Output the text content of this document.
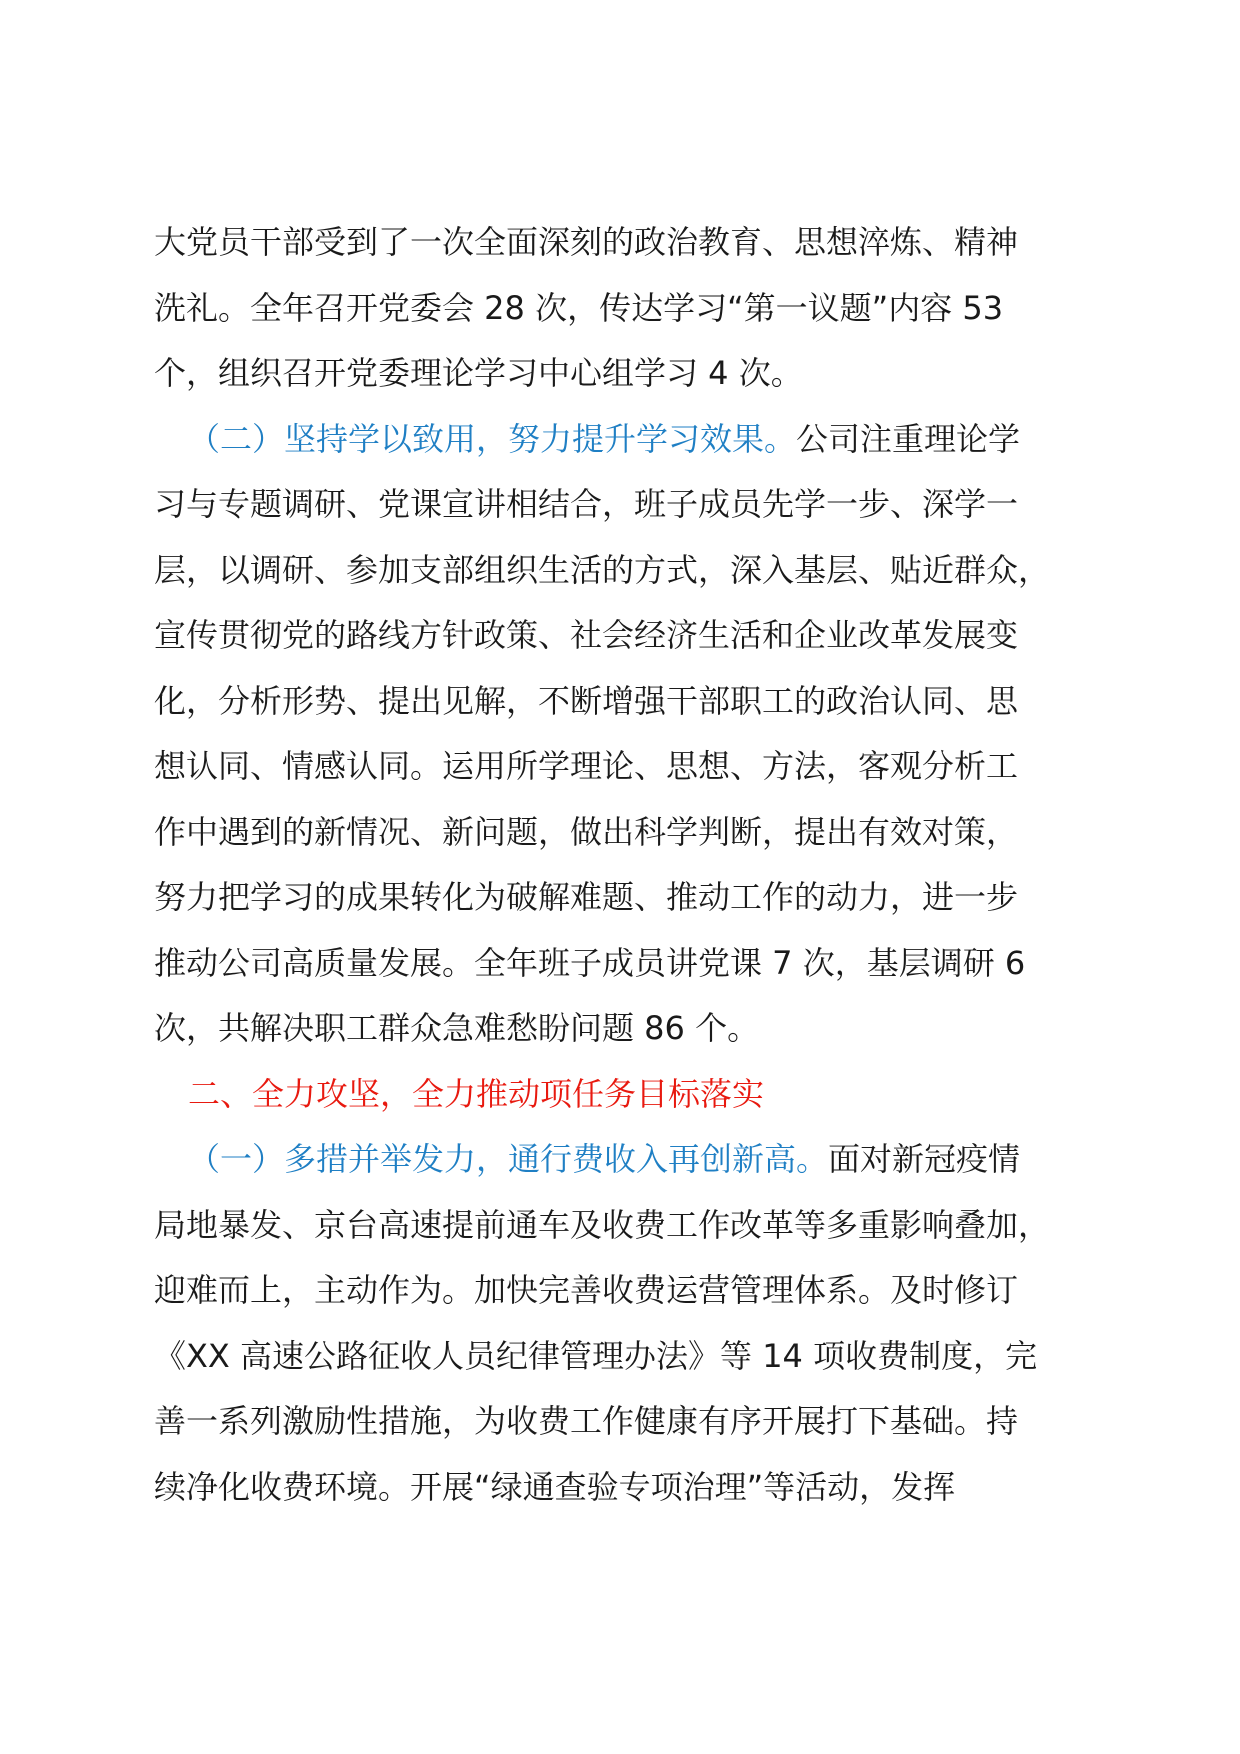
大党员干部受到了一次全面深刻的政治教育、思想淬炼、精神
洗礼。全年召开党委会 28 次，传达学习“第一议题”内容 53
个，组织召开党委理论学习中心组学习 4 次。
（二）坚持学以致用，努力提升学习效果。公司注重理论学
习与专题调研、党课宣讲相结合，班子成员先学一步、深学一
层，以调研、参加支部组织生活的方式，深入基层、贴近群众，
宣传贯彻党的路线方针政策、社会经济生活和企业改革发展变
化，分析形势、提出见解，不断增强干部职工的政治认同、思
想认同、情感认同。运用所学理论、思想、方法，客观分析工
作中遇到的新情况、新问题，做出科学判断，提出有效对策，
努力把学习的成果转化为破解难题、推动工作的动力，进一步
推动公司高质量发展。全年班子成员讲党课 7 次，基层调研 6
次，共解决职工群众急难愁盼问题 86 个。
二、全力攻坚，全力推动项任务目标落实
（一）多措并举发力，通行费收入再创新高。面对新冠疫情
局地暴发、京台高速提前通车及收费工作改革等多重影响叠加，
迎难而上，主动作为。加快完善收费运营管理体系。及时修订
《XX 高速公路征收人员纪律管理办法》等 14 项收费制度，完
善一系列激励性措施，为收费工作健康有序开展打下基础。持
续净化收费环境。开展“绿通查验专项治理”等活动，发挥
